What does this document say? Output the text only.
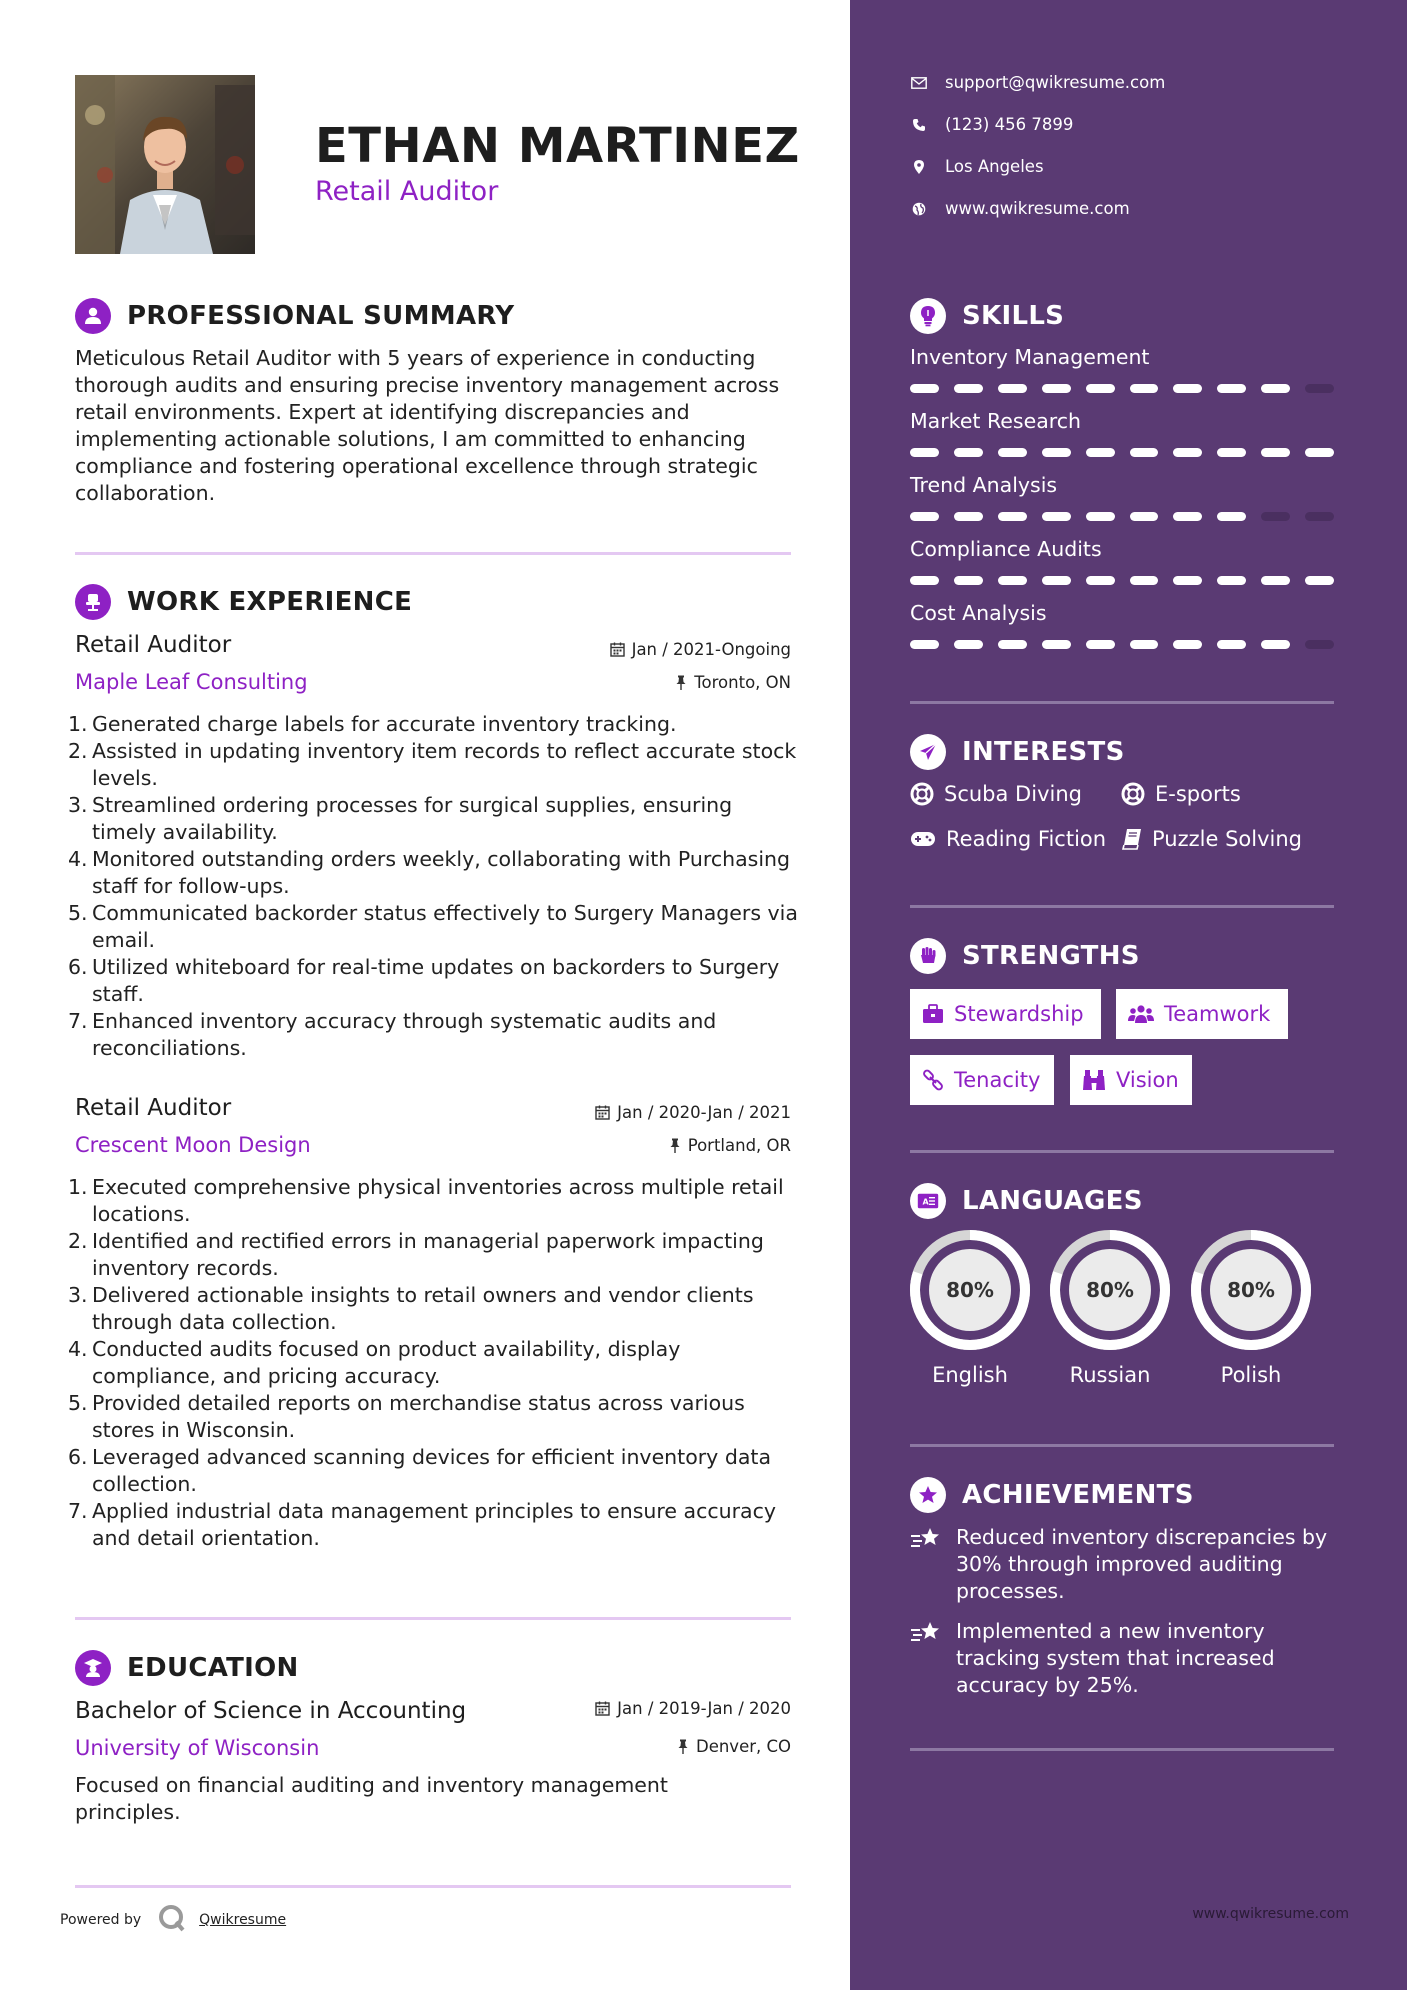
ETHAN MARTINEZ
Retail Auditor
PROFESSIONAL SUMMARY
Meticulous Retail Auditor with 5 years of experience in conducting thorough audits and ensuring precise inventory management across retail environments. Expert at identifying discrepancies and implementing actionable solutions, I am committed to enhancing compliance and fostering operational excellence through strategic collaboration.
WORK EXPERIENCE
Retail Auditor	Jan / 2021-Ongoing
Maple Leaf Consulting	Toronto, ON
1. Generated charge labels for accurate inventory tracking.
2. Assisted in updating inventory item records to reflect accurate stock levels.
3. Streamlined ordering processes for surgical supplies, ensuring timely availability.
4. Monitored outstanding orders weekly, collaborating with Purchasing staff for follow-ups.
5. Communicated backorder status effectively to Surgery Managers via email.
6. Utilized whiteboard for real-time updates on backorders to Surgery staff.
7. Enhanced inventory accuracy through systematic audits and reconciliations.
Retail Auditor	Jan / 2020-Jan / 2021
Crescent Moon Design	Portland, OR
1. Executed comprehensive physical inventories across multiple retail locations.
2. Identified and rectified errors in managerial paperwork impacting inventory records.
3. Delivered actionable insights to retail owners and vendor clients through data collection.
4. Conducted audits focused on product availability, display compliance, and pricing accuracy.
5. Provided detailed reports on merchandise status across various stores in Wisconsin.
6. Leveraged advanced scanning devices for efficient inventory data collection.
7. Applied industrial data management principles to ensure accuracy and detail orientation.
EDUCATION
Bachelor of Science in Accounting	Jan / 2019-Jan / 2020
University of Wisconsin	Denver, CO
Focused on financial auditing and inventory management principles.
Powered by	Qwikresume
support@qwikresume.com
(123) 456 7899
Los Angeles
www.qwikresume.com
SKILLS
Inventory Management
Market Research
Trend Analysis
Compliance Audits
Cost Analysis
INTERESTS
Scuba Diving	E-sports
Reading Fiction Puzzle Solving
STRENGTHS
Stewardship	Teamwork
Tenacity	Vision
A LANGUAGES
80%
English
80%
Russian
80%
Polish
ACHIEVEMENTS
Reduced inventory discrepancies by 30% through improved auditing processes.
Implemented a new inventory tracking system that increased accuracy by 25%.
www.qwikresume.com
